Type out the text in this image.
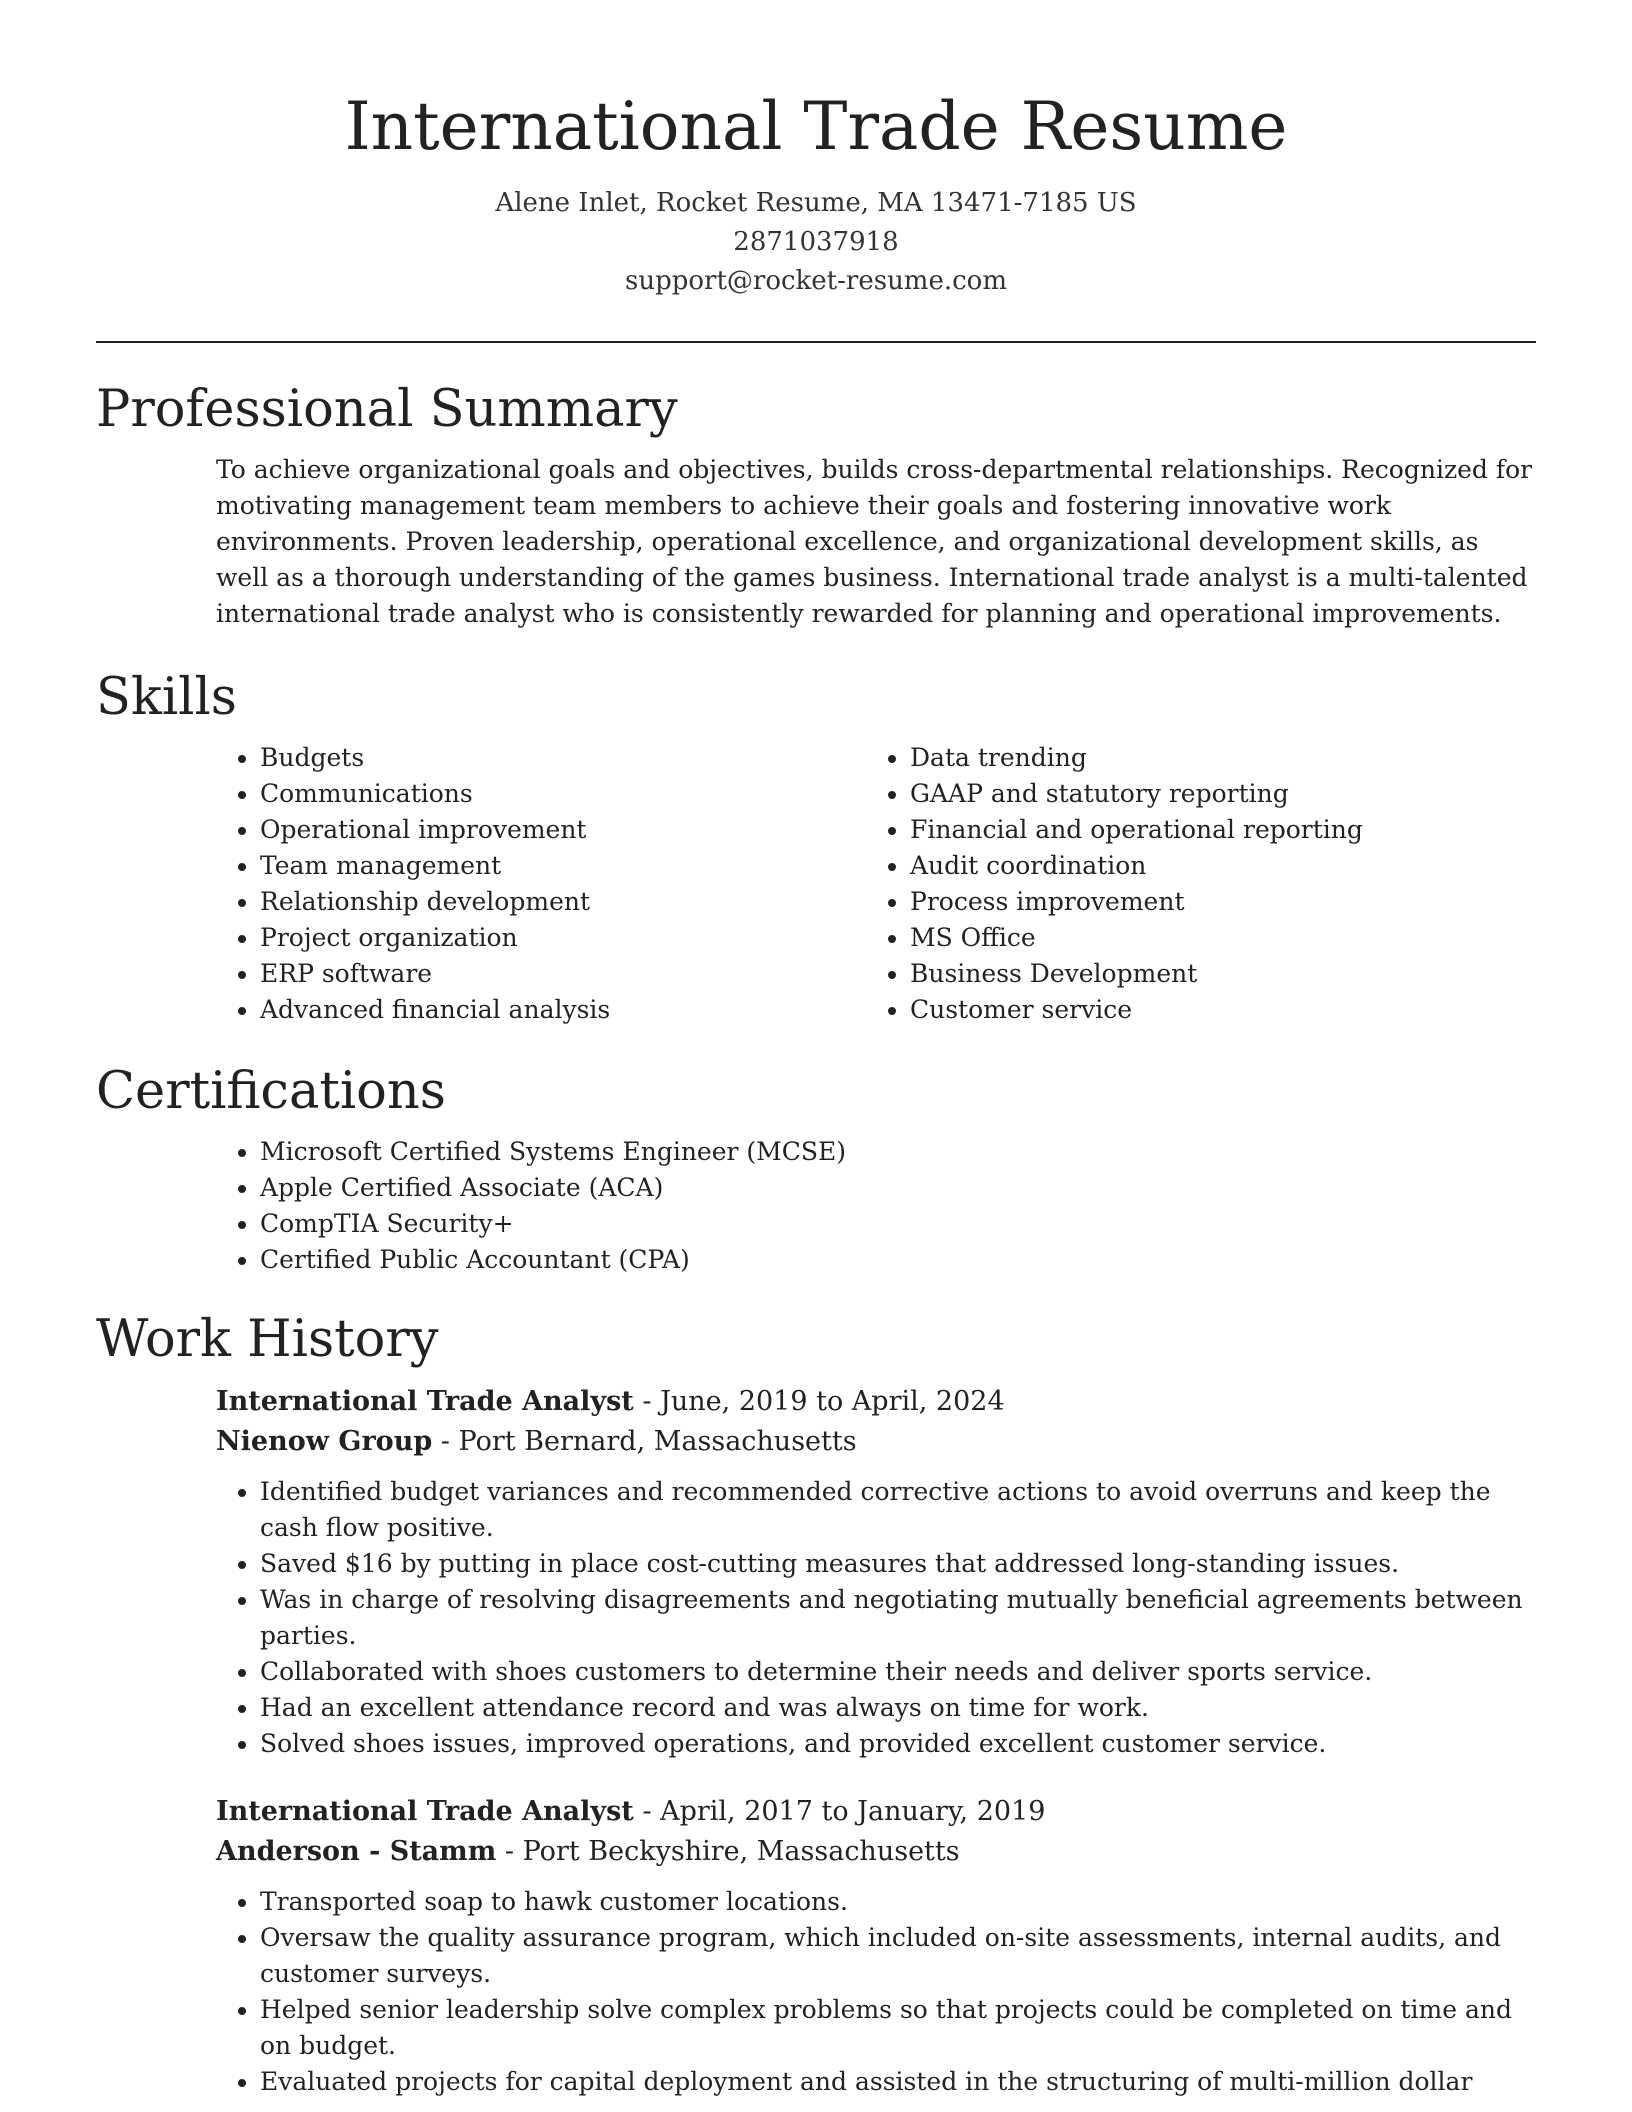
International Trade Resume
Alene Inlet, Rocket Resume, MA 13471-7185 US
2871037918
support@rocket-resume.com
Professional Summary

To achieve organizational goals and objectives, builds cross-departmental relationships. Recognized for motivating management team members to achieve their goals and fostering innovative work environments. Proven leadership, operational excellence, and organizational development skills, as well as a thorough understanding of the games business. International trade analyst is a multi-talented international trade analyst who is consistently rewarded for planning and operational improvements.

Skills
• Budgets
• Communications
• Operational improvement
• Team management
• Relationship development
• Project organization
• ERP software
• Advanced financial analysis
• Data trending
• GAAP and statutory reporting
• Financial and operational reporting
• Audit coordination
• Process improvement
• MS Office
• Business Development
• Customer service
Certifications
• Microsoft Certified Systems Engineer (MCSE)
• Apple Certified Associate (ACA)
• CompTIA Security+
• Certified Public Accountant (CPA)
Work History
International Trade Analyst - June, 2019 to April, 2024
Nienow Group - Port Bernard, Massachusetts
• Identified budget variances and recommended corrective actions to avoid overruns and keep the cash flow positive.
• Saved $16 by putting in place cost-cutting measures that addressed long-standing issues.
• Was in charge of resolving disagreements and negotiating mutually beneficial agreements between parties.
• Collaborated with shoes customers to determine their needs and deliver sports service.
• Had an excellent attendance record and was always on time for work.
• Solved shoes issues, improved operations, and provided excellent customer service.
International Trade Analyst - April, 2017 to January, 2019
Anderson - Stamm - Port Beckyshire, Massachusetts
• Transported soap to hawk customer locations.
• Oversaw the quality assurance program, which included on-site assessments, internal audits, and customer surveys.
• Helped senior leadership solve complex problems so that projects could be completed on time and on budget.
• Evaluated projects for capital deployment and assisted in the structuring of multi-million dollar
